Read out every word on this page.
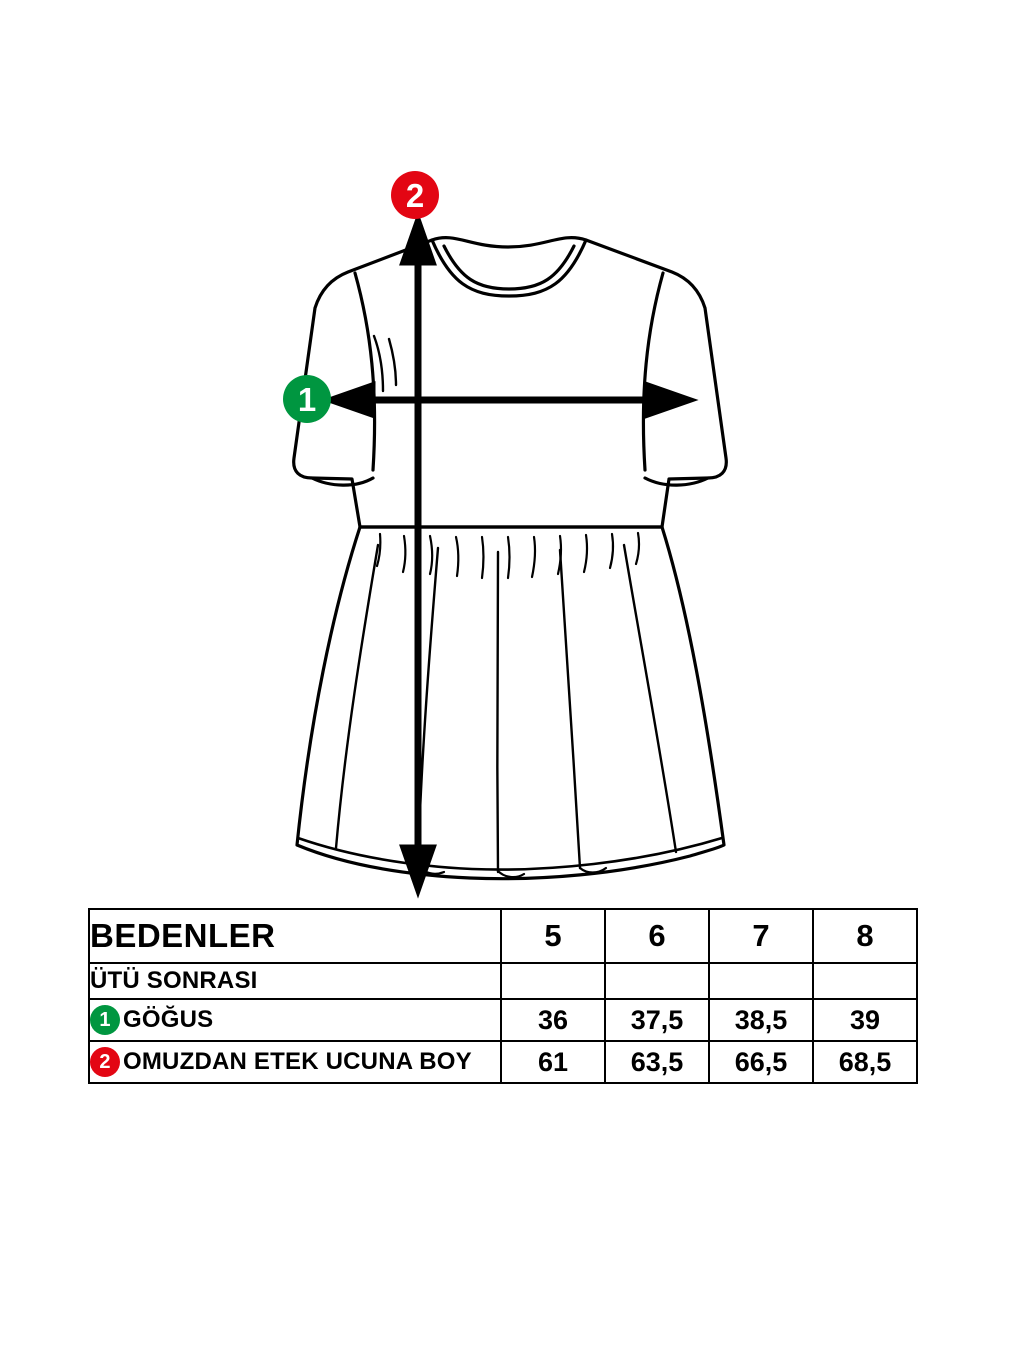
2
1
BEDENLER	5	6	7	8
ÜTÜ SONRASI				

1 GÖĞUS	36	37,5	38,5	39

2 OMUZDAN ETEK UCUNA BOY	61	63,5	66,5	68,5
